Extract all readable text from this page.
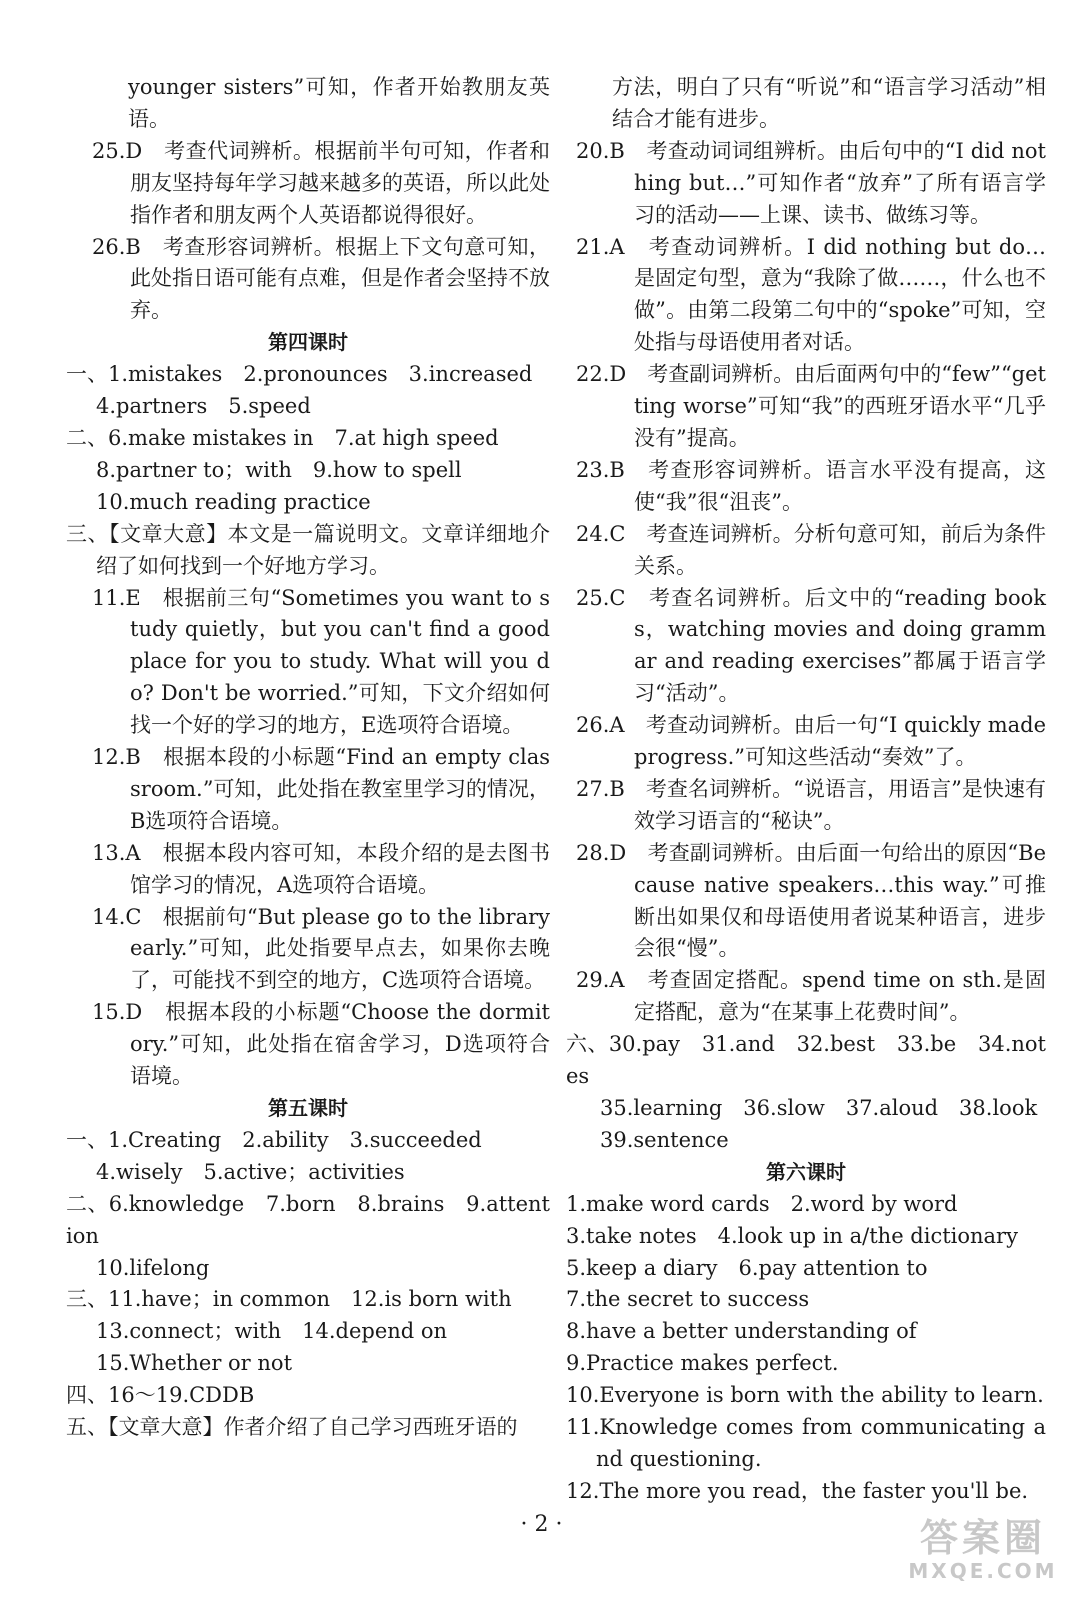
younger sisters”可知，作者开始教朋友英语。

25.D　考查代词辨析。根据前半句可知，作者和朋友坚持每年学习越来越多的英语，所以此处指作者和朋友两个人英语都说得很好。

26.B　考查形容词辨析。根据上下文句意可知，此处指日语可能有点难，但是作者会坚持不放弃。

第四课时

一、1.mistakes　2.pronounces　3.increased

4.partners　5.speed

二、6.make mistakes in　7.at high speed

8.partner to；with　9.how to spell

10.much reading practice

三、【文章大意】本文是一篇说明文。文章详细地介绍了如何找到一个好地方学习。

11.E　根据前三句“Sometimes you want to study quietly，but you can't find a good place for you to study. What will you do? Don't be worried.”可知，下文介绍如何找一个好的学习的地方，E选项符合语境。

12.B　根据本段的小标题“Find an empty classroom.”可知，此处指在教室里学习的情况，B选项符合语境。

13.A　根据本段内容可知，本段介绍的是去图书馆学习的情况，A选项符合语境。

14.C　根据前句“But please go to the library early.”可知，此处指要早点去，如果你去晚了，可能找不到空的地方，C选项符合语境。

15.D　根据本段的小标题“Choose the dormitory.”可知，此处指在宿舍学习，D选项符合语境。

第五课时

一、1.Creating　2.ability　3.succeeded

4.wisely　5.active；activities

二、6.knowledge　7.born　8.brains　9.attention

10.lifelong

三、11.have；in common　12.is born with

13.connect；with　14.depend on

15.Whether or not

四、16～19.CDDB

五、【文章大意】作者介绍了自己学习西班牙语的

方法，明白了只有“听说”和“语言学习活动”相结合才能有进步。

20.B　考查动词词组辨析。由后句中的“I did nothing but…”可知作者“放弃”了所有语言学习的活动——上课、读书、做练习等。

21.A　考查动词辨析。I did nothing but do…是固定句型，意为“我除了做……，什么也不做”。由第二段第二句中的“spoke”可知，空处指与母语使用者对话。

22.D　考查副词辨析。由后面两句中的“few”“getting worse”可知“我”的西班牙语水平“几乎没有”提高。

23.B　考查形容词辨析。语言水平没有提高，这使“我”很“沮丧”。

24.C　考查连词辨析。分析句意可知，前后为条件关系。

25.C　考查名词辨析。后文中的“reading books，watching movies and doing grammar and reading exercises”都属于语言学习“活动”。

26.A　考查动词辨析。由后一句“I quickly made progress.”可知这些活动“奏效”了。

27.B　考查名词辨析。“说语言，用语言”是快速有效学习语言的“秘诀”。

28.D　考查副词辨析。由后面一句给出的原因“Because native speakers…this way.”可推断出如果仅和母语使用者说某种语言，进步会很“慢”。

29.A　考查固定搭配。spend time on sth.是固定搭配，意为“在某事上花费时间”。

六、30.pay　31.and　32.best　33.be　34.notes

35.learning　36.slow　37.aloud　38.look

39.sentence

第六课时

1.make word cards　2.word by word

3.take notes　4.look up in a/the dictionary

5.keep a diary　6.pay attention to

7.the secret to success

8.have a better understanding of

9.Practice makes perfect.

10.Everyone is born with the ability to learn.

11.Knowledge comes from communicating and questioning.

12.The more you read，the faster you'll be.

· 2 ·	答案圈
MXQE.COM
